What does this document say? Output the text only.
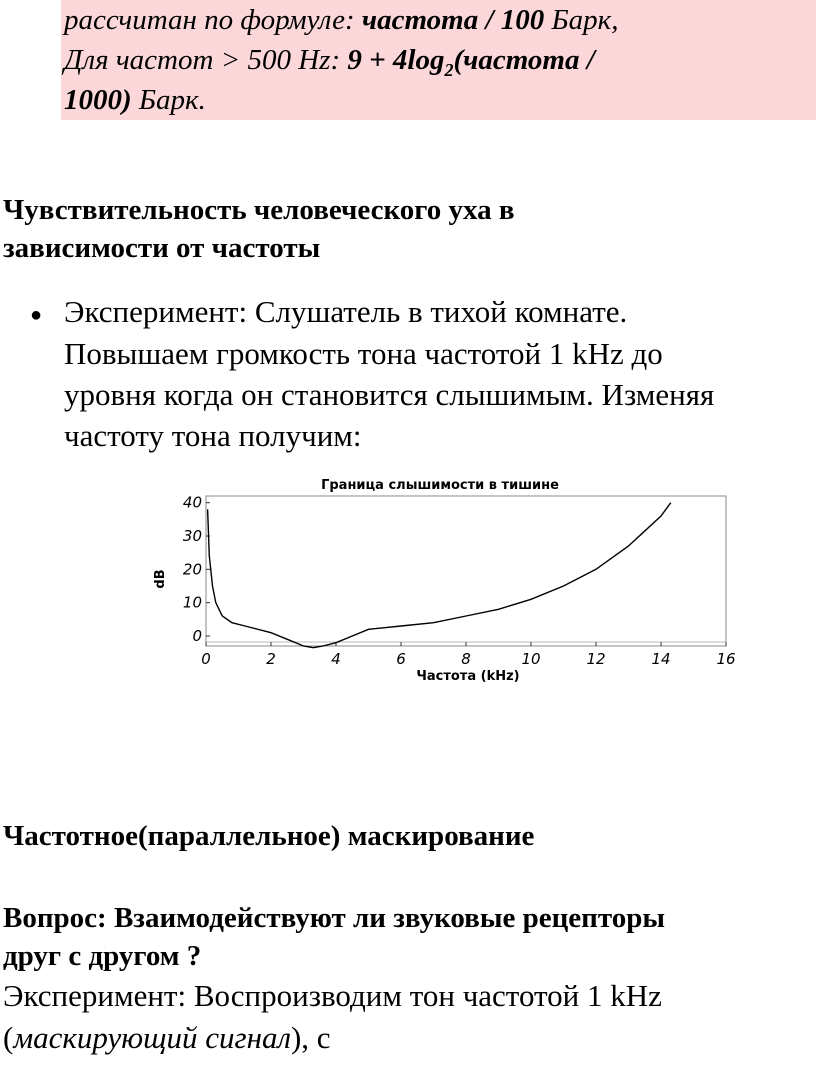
рассчитан по формуле: частота / 100 Барк,
Для частот > 500 Hz: $9 + 4\log_2(частота$ /
1000) Барк.
Чувствительность человеческого уха в
зависимости от частоты
● Эксперимент: Слушатель в тихой комнате.
Повышаем громкость тона частотой 1 kHz до
уровня когда он становится слышимым. Изменяя
частоту тона получим:
Граница слышимости в тишине
dB
Частота (kHz)
0	2	4	6	8	10	12	14	16
0
10
20
30
40
Частотное(параллельное) маскирование
Вопрос: Взаимодействуют ли звуковые рецепторы
друг с другом ?
Эксперимент: Воспроизводим тон частотой 1 kHz
(маскирующий сигнал), с
